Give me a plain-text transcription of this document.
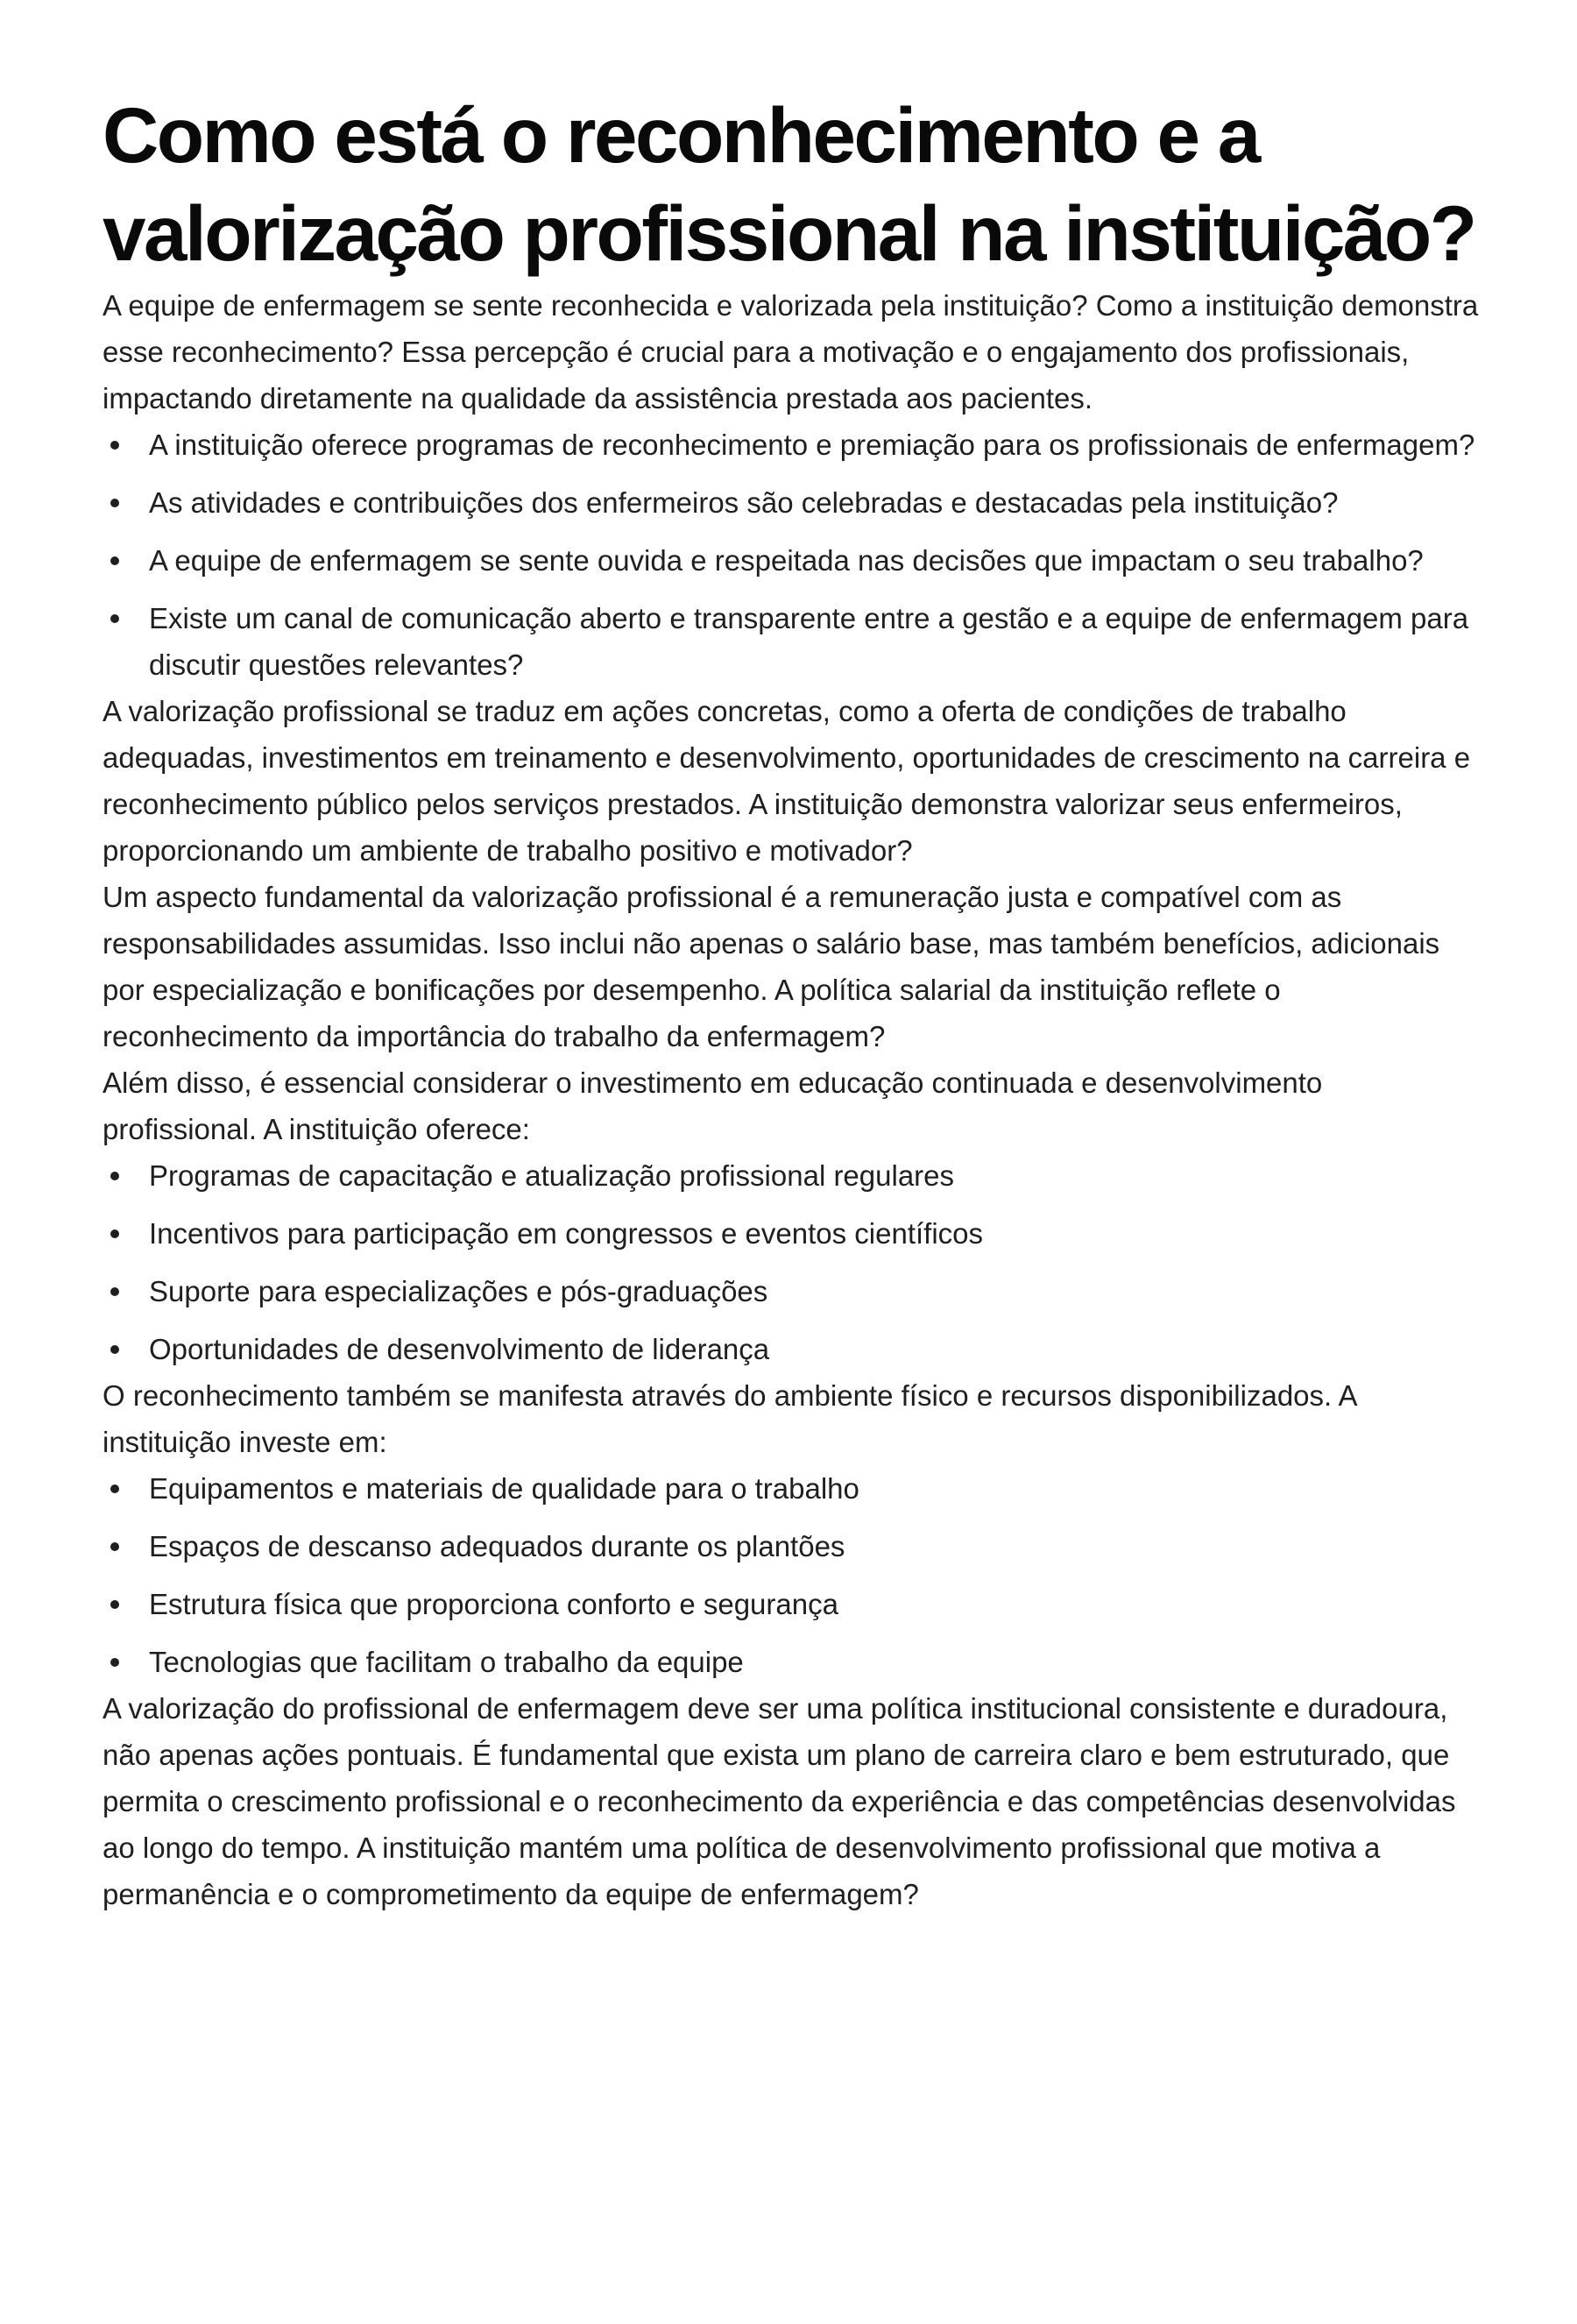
Como está o reconhecimento e a valorização profissional na instituição?

A equipe de enfermagem se sente reconhecida e valorizada pela instituição? Como a instituição demonstra esse reconhecimento? Essa percepção é crucial para a motivação e o engajamento dos profissionais, impactando diretamente na qualidade da assistência prestada aos pacientes.

A instituição oferece programas de reconhecimento e premiação para os profissionais de enfermagem?
As atividades e contribuições dos enfermeiros são celebradas e destacadas pela instituição?
A equipe de enfermagem se sente ouvida e respeitada nas decisões que impactam o seu trabalho?
Existe um canal de comunicação aberto e transparente entre a gestão e a equipe de enfermagem para discutir questões relevantes?

A valorização profissional se traduz em ações concretas, como a oferta de condições de trabalho adequadas, investimentos em treinamento e desenvolvimento, oportunidades de crescimento na carreira e reconhecimento público pelos serviços prestados. A instituição demonstra valorizar seus enfermeiros, proporcionando um ambiente de trabalho positivo e motivador?

Um aspecto fundamental da valorização profissional é a remuneração justa e compatível com as responsabilidades assumidas. Isso inclui não apenas o salário base, mas também benefícios, adicionais por especialização e bonificações por desempenho. A política salarial da instituição reflete o reconhecimento da importância do trabalho da enfermagem?

Além disso, é essencial considerar o investimento em educação continuada e desenvolvimento profissional. A instituição oferece:

Programas de capacitação e atualização profissional regulares
Incentivos para participação em congressos e eventos científicos
Suporte para especializações e pós-graduações
Oportunidades de desenvolvimento de liderança

O reconhecimento também se manifesta através do ambiente físico e recursos disponibilizados. A instituição investe em:

Equipamentos e materiais de qualidade para o trabalho
Espaços de descanso adequados durante os plantões
Estrutura física que proporciona conforto e segurança
Tecnologias que facilitam o trabalho da equipe

A valorização do profissional de enfermagem deve ser uma política institucional consistente e duradoura, não apenas ações pontuais. É fundamental que exista um plano de carreira claro e bem estruturado, que permita o crescimento profissional e o reconhecimento da experiência e das competências desenvolvidas ao longo do tempo. A instituição mantém uma política de desenvolvimento profissional que motiva a permanência e o comprometimento da equipe de enfermagem?
